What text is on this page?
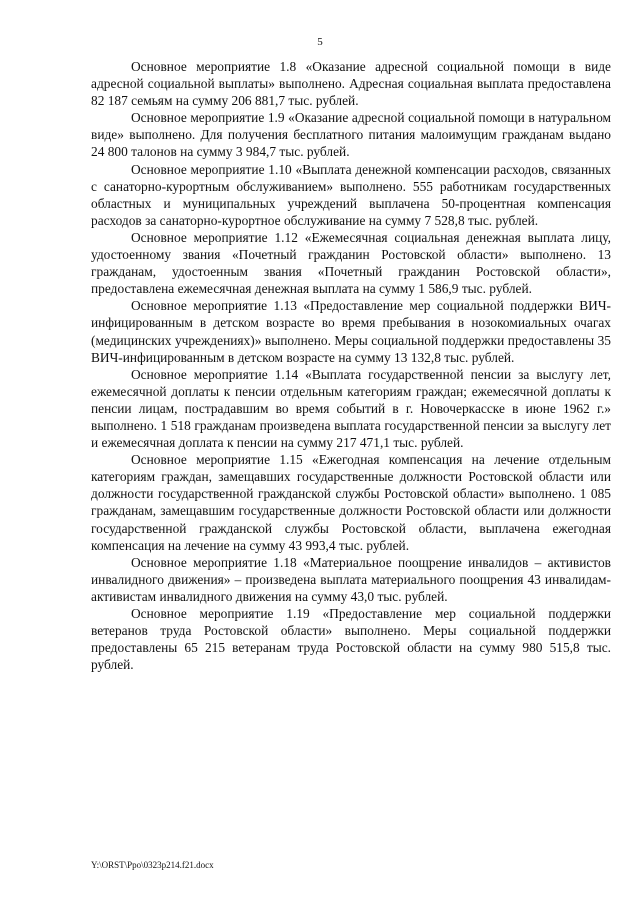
5

Основное мероприятие 1.8 «Оказание адресной социальной помощи в виде адресной социальной выплаты» выполнено. Адресная социальная выплата предоставлена 82 187 семьям на сумму 206 881,7 тыс. рублей.

Основное мероприятие 1.9 «Оказание адресной социальной помощи в натуральном виде» выполнено. Для получения бесплатного питания малоимущим гражданам выдано 24 800 талонов на сумму 3 984,7 тыс. рублей.

Основное мероприятие 1.10 «Выплата денежной компенсации расходов, связанных с санаторно-курортным обслуживанием» выполнено. 555 работникам государственных областных и муниципальных учреждений выплачена 50-процентная компенсация расходов за санаторно-курортное обслуживание на сумму 7 528,8 тыс. рублей.

Основное мероприятие 1.12 «Ежемесячная социальная денежная выплата лицу, удостоенному звания «Почетный гражданин Ростовской области» выполнено. 13 гражданам, удостоенным звания «Почетный гражданин Ростовской области», предоставлена ежемесячная денежная выплата на сумму 1 586,9 тыс. рублей.

Основное мероприятие 1.13 «Предоставление мер социальной поддержки ВИЧ-инфицированным в детском возрасте во время пребывания в нозокомиальных очагах (медицинских учреждениях)» выполнено. Меры социальной поддержки предоставлены 35 ВИЧ-инфицированным в детском возрасте на сумму 13 132,8 тыс. рублей.

Основное мероприятие 1.14 «Выплата государственной пенсии за выслугу лет, ежемесячной доплаты к пенсии отдельным категориям граждан; ежемесячной доплаты к пенсии лицам, пострадавшим во время событий в г. Новочеркасске в июне 1962 г.» выполнено. 1 518 гражданам произведена выплата государственной пенсии за выслугу лет и ежемесячная доплата к пенсии на сумму 217 471,1 тыс. рублей.

Основное мероприятие 1.15 «Ежегодная компенсация на лечение отдельным категориям граждан, замещавших государственные должности Ростовской области или должности государственной гражданской службы Ростовской области» выполнено. 1 085 гражданам, замещавшим государственные должности Ростовской области или должности государственной гражданской службы Ростовской области, выплачена ежегодная компенсация на лечение на сумму 43 993,4 тыс. рублей.

Основное мероприятие 1.18 «Материальное поощрение инвалидов – активистов инвалидного движения» – произведена выплата материального поощрения 43 инвалидам-активистам инвалидного движения на сумму 43,0 тыс. рублей.

Основное мероприятие 1.19 «Предоставление мер социальной поддержки ветеранов труда Ростовской области» выполнено. Меры социальной поддержки предоставлены 65 215 ветеранам труда Ростовской области на сумму 980 515,8 тыс. рублей.

Y:\ORST\Ppo\0323p214.f21.docx
